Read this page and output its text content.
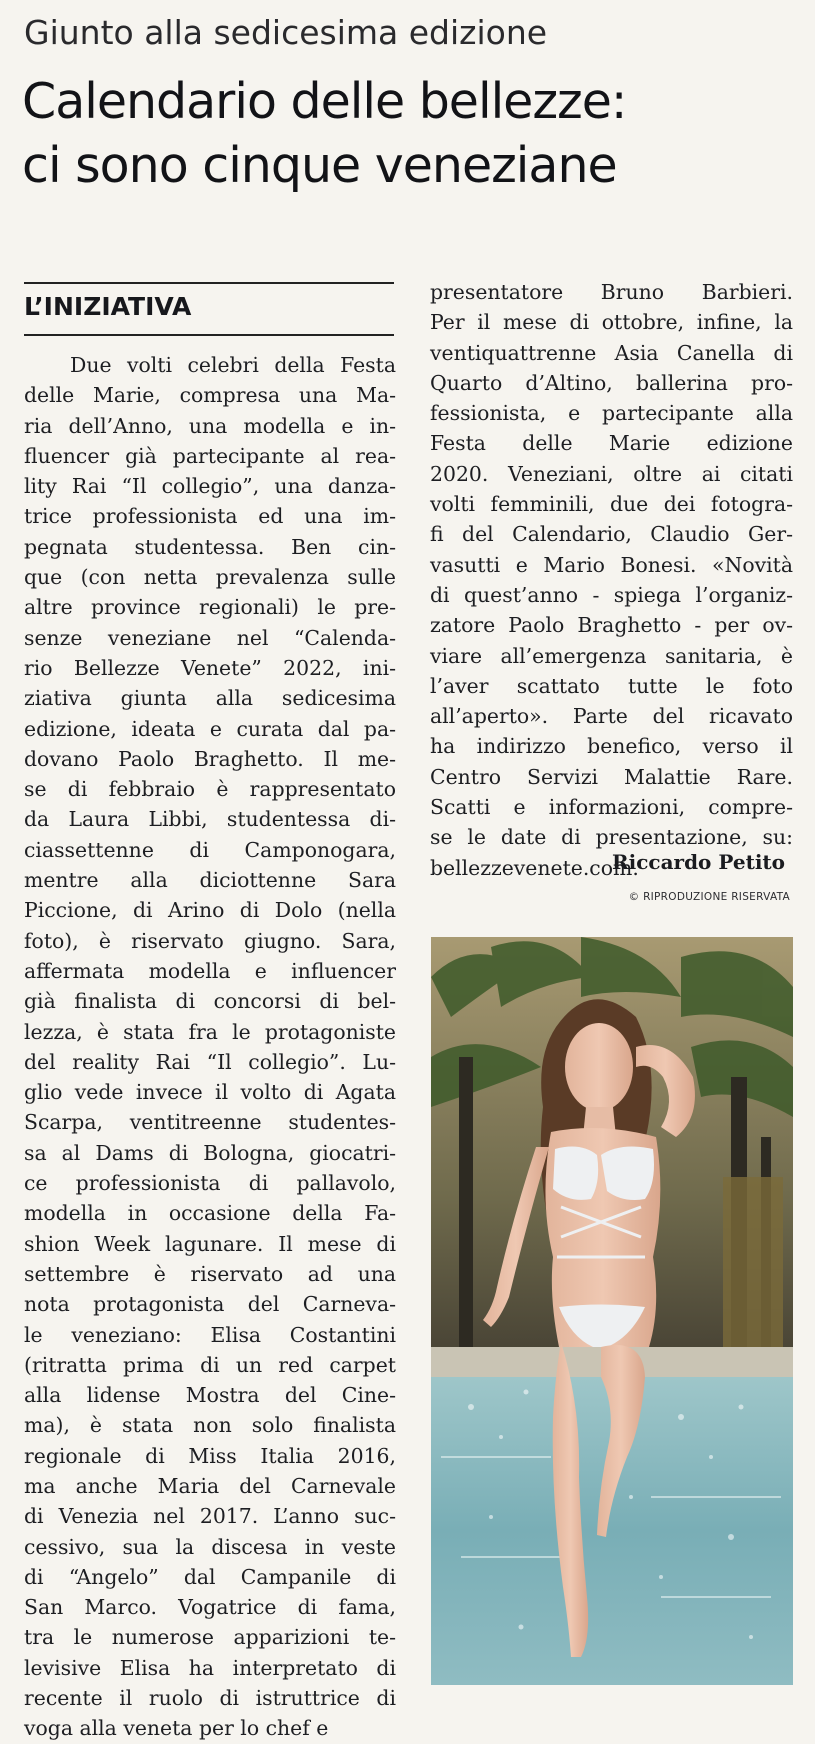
Giunto alla sedicesima edizione
Calendario delle bellezze:
ci sono cinque veneziane
L’INIZIATIVA
Due volti celebri della Festa
delle Marie, compresa una Ma-
ria dell’Anno, una modella e in-
fluencer già partecipante al rea-
lity Rai “Il collegio”, una danza-
trice professionista ed una im-
pegnata studentessa. Ben cin-
que (con netta prevalenza sulle
altre province regionali) le pre-
senze veneziane nel “Calenda-
rio Bellezze Venete” 2022, ini-
ziativa giunta alla sedicesima
edizione, ideata e curata dal pa-
dovano Paolo Braghetto. Il me-
se di febbraio è rappresentato
da Laura Libbi, studentessa di-
ciassettenne di Camponogara,
mentre alla diciottenne Sara
Piccione, di Arino di Dolo (nella
foto), è riservato giugno. Sara,
affermata modella e influencer
già finalista di concorsi di bel-
lezza, è stata fra le protagoniste
del reality Rai “Il collegio”. Lu-
glio vede invece il volto di Agata
Scarpa, ventitreenne studentes-
sa al Dams di Bologna, giocatri-
ce professionista di pallavolo,
modella in occasione della Fa-
shion Week lagunare. Il mese di
settembre è riservato ad una
nota protagonista del Carneva-
le veneziano: Elisa Costantini
(ritratta prima di un red carpet
alla lidense Mostra del Cine-
ma), è stata non solo finalista
regionale di Miss Italia 2016,
ma anche Maria del Carnevale
di Venezia nel 2017. L’anno suc-
cessivo, sua la discesa in veste
di “Angelo” dal Campanile di
San Marco. Vogatrice di fama,
tra le numerose apparizioni te-
levisive Elisa ha interpretato di
recente il ruolo di istruttrice di
voga alla veneta per lo chef e
presentatore Bruno Barbieri.
Per il mese di ottobre, infine, la
ventiquattrenne Asia Canella di
Quarto d’Altino, ballerina pro-
fessionista, e partecipante alla
Festa delle Marie edizione
2020. Veneziani, oltre ai citati
volti femminili, due dei fotogra-
fi del Calendario, Claudio Ger-
vasutti e Mario Bonesi. «Novità
di quest’anno - spiega l’organiz-
zatore Paolo Braghetto - per ov-
viare all’emergenza sanitaria, è
l’aver scattato tutte le foto
all’aperto». Parte del ricavato
ha indirizzo benefico, verso il
Centro Servizi Malattie Rare.
Scatti e informazioni, compre-
se le date di presentazione, su:
bellezzevenete.com.
Riccardo Petito
© RIPRODUZIONE RISERVATA
